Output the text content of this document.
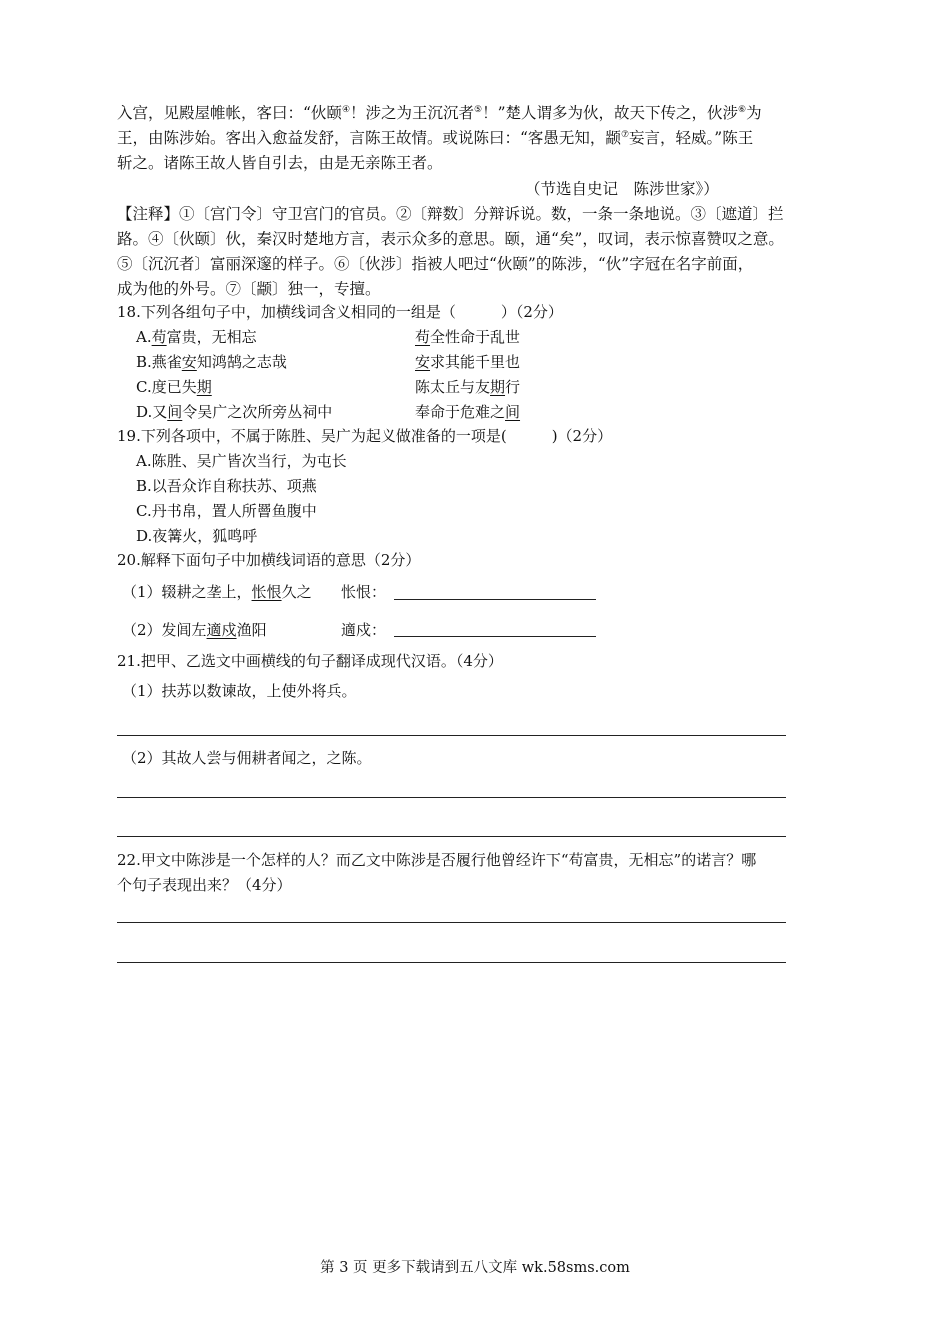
入宫，见殿屋帷帐，客曰：“伙颐④！涉之为王沉沉者⑤！”楚人谓多为伙，故天下传之，伙涉⑥为
王，由陈涉始。客出入愈益发舒，言陈王故情。或说陈曰：“客愚无知，颛⑦妄言，轻威。”陈王
斩之。诸陈王故人皆自引去，由是无亲陈王者。
（节选自史记　陈涉世家》）
【注释】①〔宫门令〕守卫宫门的官员。②〔辩数〕分辩诉说。数，一条一条地说。③〔遮道〕拦
路。④〔伙颐〕伙，秦汉时楚地方言，表示众多的意思。颐，通“矣”，叹词，表示惊喜赞叹之意。
⑤〔沉沉者〕富丽深邃的样子。⑥〔伙涉〕指被人吧过“伙颐”的陈涉，“伙”字冠在名字前面，
成为他的外号。⑦〔颛〕独一，专擅。
18.下列各组句子中，加横线词含义相同的一组是（　　　）（2分）
A.苟富贵，无相忘	苟全性命于乱世
B.燕雀安知鸿鹄之志哉	安求其能千里也
C.度已失期	陈太丘与友期行
D.又间令吴广之次所旁丛祠中	奉命于危难之间
19.下列各项中，不属于陈胜、吴广为起义做准备的一项是(　　　)（2分）
A.陈胜、吴广皆次当行，为屯长
B.以吾众诈自称扶苏、项燕
C.丹书帛，置人所罾鱼腹中
D.夜篝火，狐鸣呼
20.解释下面句子中加横线词语的意思（2分）
（1）辍耕之垄上，怅恨久之 怅恨：
（2）发闾左適戍渔阳	適戍：
21.把甲、乙选文中画横线的句子翻译成现代汉语。（4分）
（1）扶苏以数谏故，上使外将兵。
（2）其故人尝与佣耕者闻之，之陈。
22.甲文中陈涉是一个怎样的人？而乙文中陈涉是否履行他曾经许下“苟富贵，无相忘”的诺言？哪
个句子表现出来？（4分）
第 3 页 更多下载请到五八文库 wk.58sms.com
